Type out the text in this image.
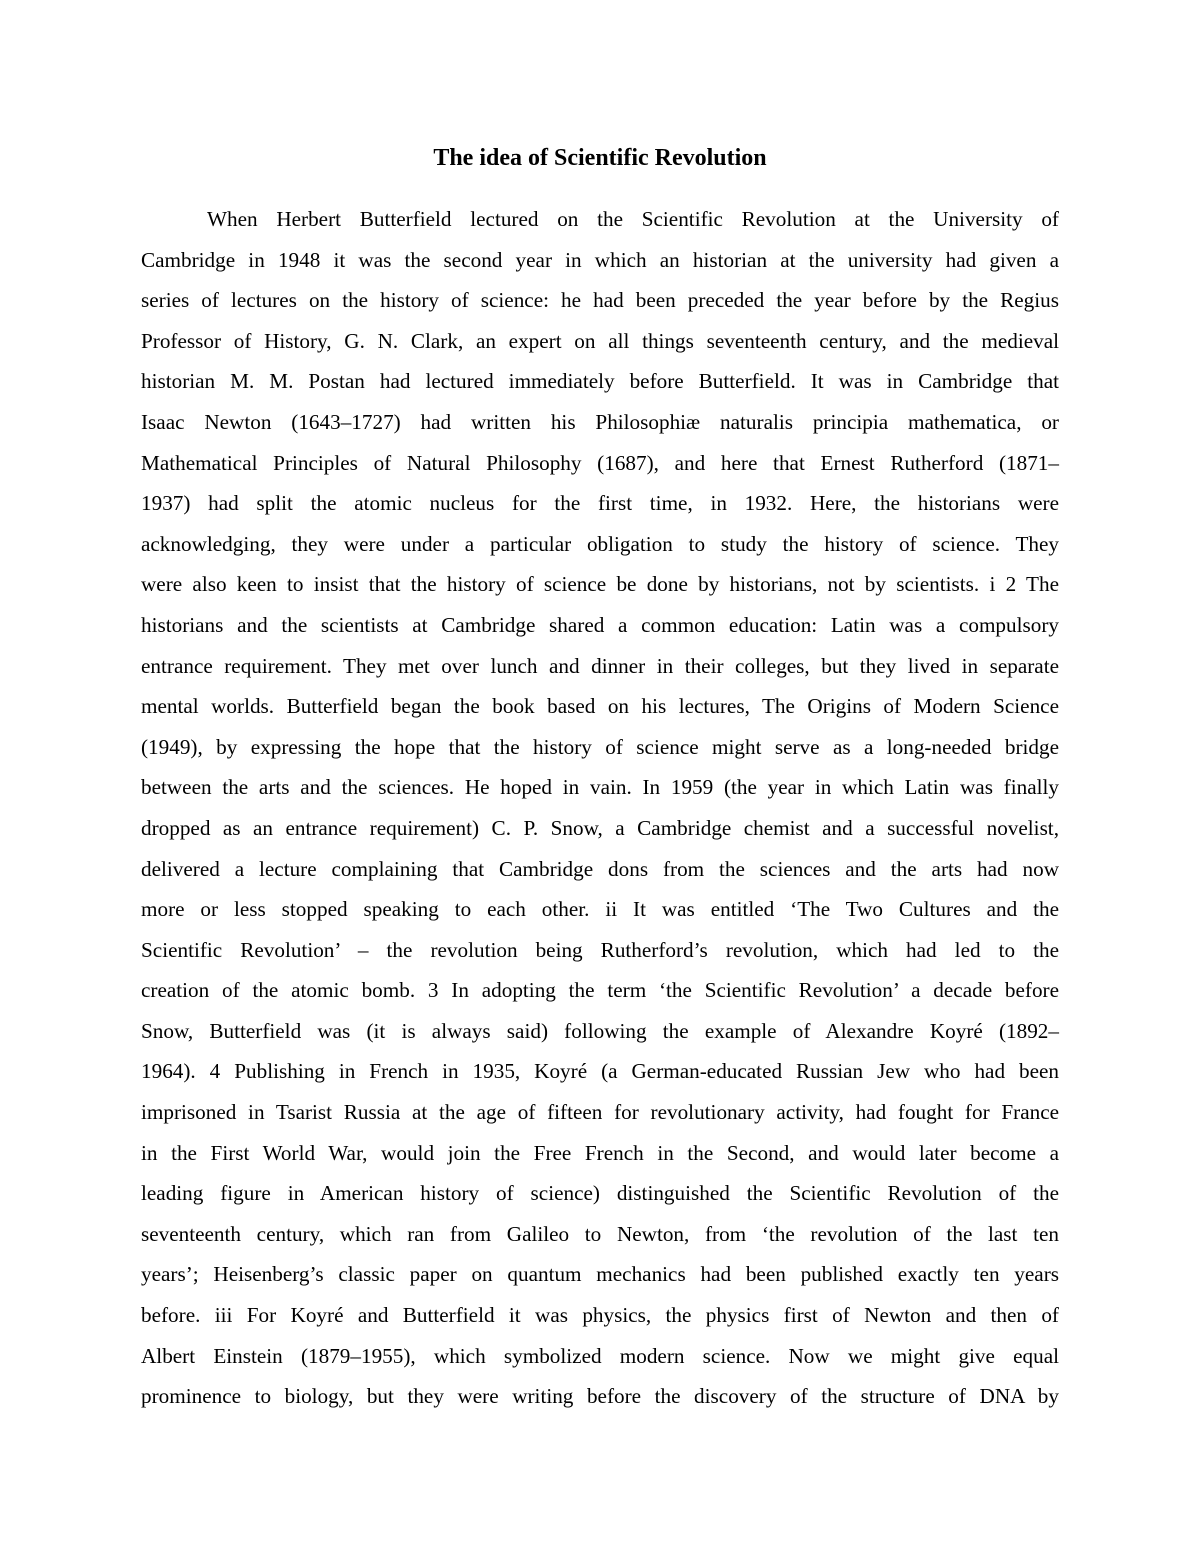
The idea of Scientific Revolution
When Herbert Butterfield lectured on the Scientific Revolution at the University of
Cambridge in 1948 it was the second year in which an historian at the university had given a
series of lectures on the history of science: he had been preceded the year before by the Regius
Professor of History, G. N. Clark, an expert on all things seventeenth century, and the medieval
historian M. M. Postan had lectured immediately before Butterfield. It was in Cambridge that
Isaac Newton (1643–1727) had written his Philosophiæ naturalis principia mathematica, or
Mathematical Principles of Natural Philosophy (1687), and here that Ernest Rutherford (1871–
1937) had split the atomic nucleus for the first time, in 1932. Here, the historians were
acknowledging, they were under a particular obligation to study the history of science. They
were also keen to insist that the history of science be done by historians, not by scientists. i 2 The
historians and the scientists at Cambridge shared a common education: Latin was a compulsory
entrance requirement. They met over lunch and dinner in their colleges, but they lived in separate
mental worlds. Butterfield began the book based on his lectures, The Origins of Modern Science
(1949), by expressing the hope that the history of science might serve as a long-needed bridge
between the arts and the sciences. He hoped in vain. In 1959 (the year in which Latin was finally
dropped as an entrance requirement) C. P. Snow, a Cambridge chemist and a successful novelist,
delivered a lecture complaining that Cambridge dons from the sciences and the arts had now
more or less stopped speaking to each other. ii It was entitled ‘The Two Cultures and the
Scientific Revolution’ – the revolution being Rutherford’s revolution, which had led to the
creation of the atomic bomb. 3 In adopting the term ‘the Scientific Revolution’ a decade before
Snow, Butterfield was (it is always said) following the example of Alexandre Koyré (1892–
1964). 4 Publishing in French in 1935, Koyré (a German-educated Russian Jew who had been
imprisoned in Tsarist Russia at the age of fifteen for revolutionary activity, had fought for France
in the First World War, would join the Free French in the Second, and would later become a
leading figure in American history of science) distinguished the Scientific Revolution of the
seventeenth century, which ran from Galileo to Newton, from ‘the revolution of the last ten
years’; Heisenberg’s classic paper on quantum mechanics had been published exactly ten years
before. iii For Koyré and Butterfield it was physics, the physics first of Newton and then of
Albert Einstein (1879–1955), which symbolized modern science. Now we might give equal
prominence to biology, but they were writing before the discovery of the structure of DNA by
